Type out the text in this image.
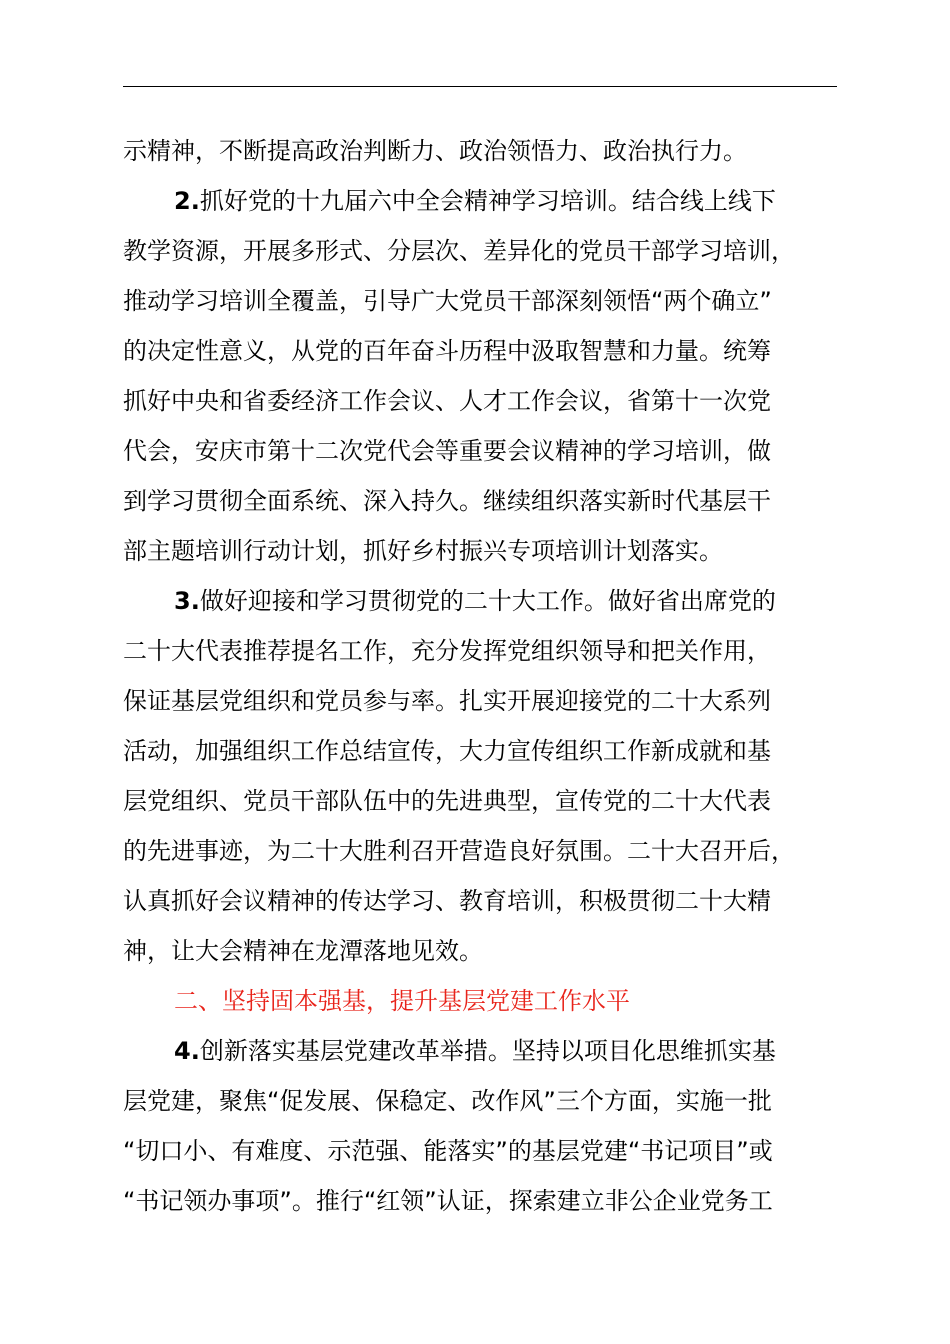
示精神，不断提高政治判断力、政治领悟力、政治执行力。
2.抓好党的十九届六中全会精神学习培训。结合线上线下
教学资源，开展多形式、分层次、差异化的党员干部学习培训，
推动学习培训全覆盖，引导广大党员干部深刻领悟“两个确立”
的决定性意义，从党的百年奋斗历程中汲取智慧和力量。统筹
抓好中央和省委经济工作会议、人才工作会议，省第十一次党
代会，安庆市第十二次党代会等重要会议精神的学习培训，做
到学习贯彻全面系统、深入持久。继续组织落实新时代基层干
部主题培训行动计划，抓好乡村振兴专项培训计划落实。
3.做好迎接和学习贯彻党的二十大工作。做好省出席党的
二十大代表推荐提名工作，充分发挥党组织领导和把关作用，
保证基层党组织和党员参与率。扎实开展迎接党的二十大系列
活动，加强组织工作总结宣传，大力宣传组织工作新成就和基
层党组织、党员干部队伍中的先进典型，宣传党的二十大代表
的先进事迹，为二十大胜利召开营造良好氛围。二十大召开后，
认真抓好会议精神的传达学习、教育培训，积极贯彻二十大精
神，让大会精神在龙潭落地见效。
二、坚持固本强基，提升基层党建工作水平
4.创新落实基层党建改革举措。坚持以项目化思维抓实基
层党建，聚焦“促发展、保稳定、改作风”三个方面，实施一批
“切口小、有难度、示范强、能落实”的基层党建“书记项目”或
“书记领办事项”。推行“红领”认证，探索建立非公企业党务工
